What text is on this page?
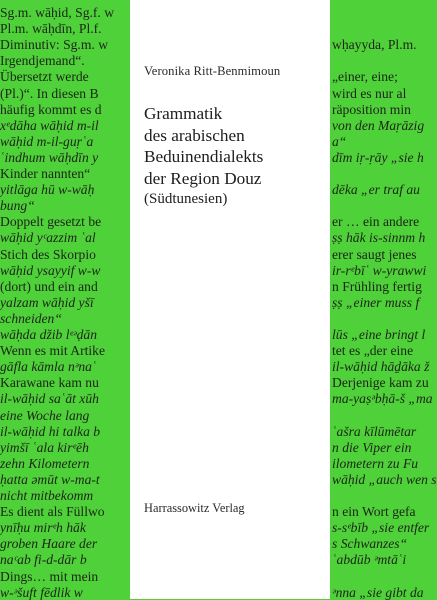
Sg.m. wāḥid, Sg.f. w
Pl.m. wāḥdīn, Pl.f.
Diminutiv: Sg.m. w	wḥayyda, Pl.m.
Irgendjemand“.
Übersetzt werde	„einer, eine;
(Pl.)“. In diesen B	wird es nur al
häufig kommt es d	räposition min
xᵉdāha wāḥid m-il	von den Maṛāzig
wāḥid m-il-guṛʿa	a“
ʿindhum wāḥdīn y	dīm iṛ-ṛāy „sie h
Kinder nannten“
yitlāga hū w-wāḥ	dēka „er traf au
bung“
Doppelt gesetzt be	er … ein andere
wāḥid yᶜazzim ʿal	ṣṣ hāk is-sinnm h
Stich des Skorpio	erer saugt jenes
wāḥid ysayyif w-w	ir-rᵉbīʿ w-yrawwi
(dort) und ein and	n Frühling fertig
yalzam wāḥid yšī	ṣṣ „einer muss f
schneiden“
wāḥda džib lᵉᵊḍān	lūs „eine bringt l
Wenn es mit Artike	tet es „der eine
gāfla kāmla nᵊnaʿ	il-wāḥid hāḏāka ž
Karawane kam nu	Derjenige kam zu
il-wāḥid saʿāt xūh	ma-yaṣᵊbḥā-š „ma
eine Woche lang
il-wāḥid hi talka b	ʿašra kīlūmētar
yimšī ʿala kirᵉēh	n die Viper ein
zehn Kilometern	ilometern zu Fu
ḥatta ǝmūt w-ma-t	wāḥid „auch wen s
nicht mitbekomm
Es dient als Füllwo	n ein Wort gefa
ynīḥu mirᵉh hāk	s-sᵉbīb „sie entfer
groben Haare der	s Schwanzes“
naᶜab fi-d-dār b	ʿabdūb ᵊmtāʿi
Dings… mit mein
w-ᵊšuft fēdlik w	ᵊnna „sie gibt da
Veronika Ritt-Benmimoun
Grammatik
des arabischen
Beduinendialekts
der Region Douz
(Südtunesien)
Harrassowitz Verlag
